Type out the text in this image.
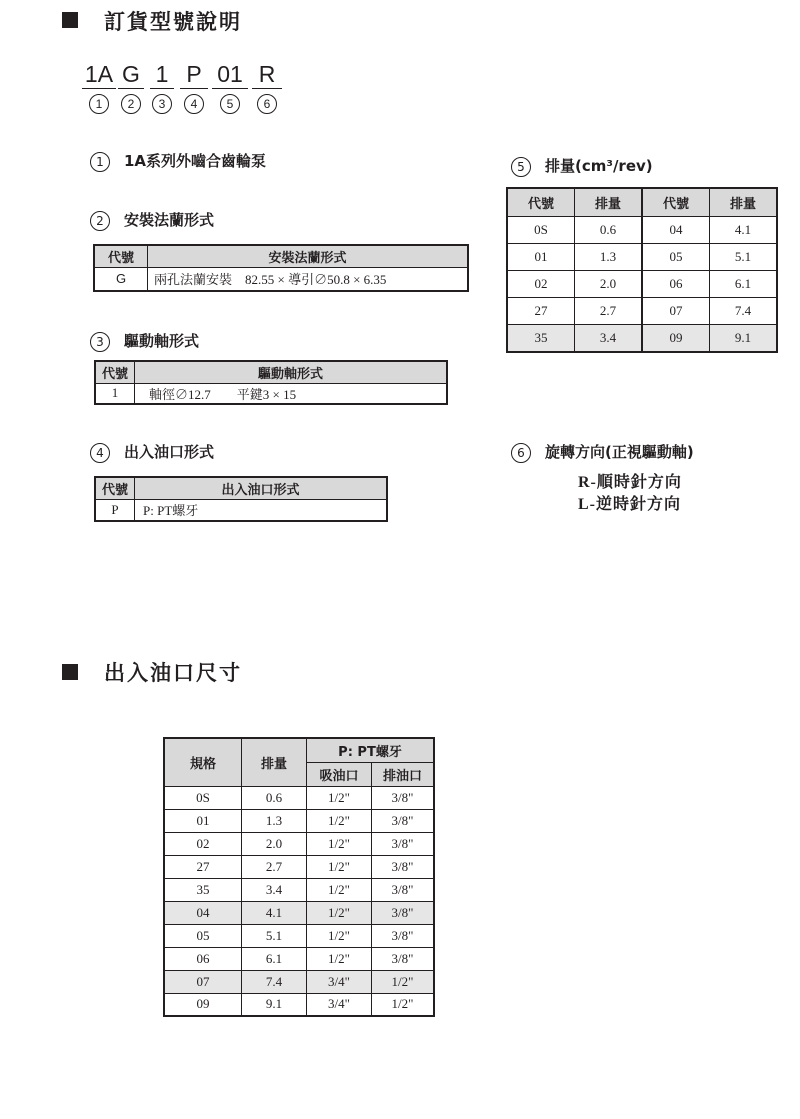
訂貨型號說明
1A
1
G
2
1
3
P
4
01
5
R
6
1 1A系列外嚙合齒輪泵
2 安裝法蘭形式
代號	安裝法蘭形式
G	兩孔法蘭安裝　82.55 × 導引∅50.8 × 6.35
3 驅動軸形式
代號	驅動軸形式
1	軸徑∅12.7　　平鍵3 × 15
4 出入油口形式
代號	出入油口形式
P	P: PT螺牙
5 排量(cm³/rev)
代號	排量	代號	排量
0S	0.6	04	4.1
01	1.3	05	5.1
02	2.0	06	6.1
27	2.7	07	7.4
35	3.4	09	9.1
6 旋轉方向(正視驅動軸)
R-順時針方向
L-逆時針方向
出入油口尺寸
規格	排量	P: PT螺牙	
		吸油口	排油口
0S	0.6	1/2"	3/8"
01	1.3	1/2"	3/8"
02	2.0	1/2"	3/8"
27	2.7	1/2"	3/8"
35	3.4	1/2"	3/8"
04	4.1	1/2"	3/8"
05	5.1	1/2"	3/8"
06	6.1	1/2"	3/8"
07	7.4	3/4"	1/2"
09	9.1	3/4"	1/2"
